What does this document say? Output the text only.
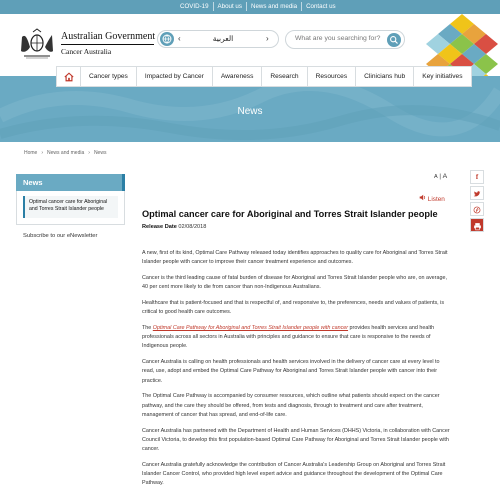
COVID-19	About us	News and media	Contact us
Australian Government
Cancer Australia
‹	العربية	›	What are you searching for?
News
Cancer types	Impacted by Cancer	Awareness	Research	Resources	Clinicians hub	Key initiatives
Home › News and media › News
News
Optimal cancer care for Aboriginal and Torres Strait Islander people
Subscribe to our eNewsletter
A | A
Listen
Optimal cancer care for Aboriginal and Torres Strait Islander people
Release Date 02/08/2018

A new, first of its kind, Optimal Care Pathway released today identifies approaches to quality care for Aboriginal and Torres Strait Islander people with cancer to improve their cancer treatment experience and outcomes.

Cancer is the third leading cause of fatal burden of disease for Aboriginal and Torres Strait Islander people who are, on average, 40 per cent more likely to die from cancer than non-Indigenous Australians.

Healthcare that is patient-focused and that is respectful of, and responsive to, the preferences, needs and values of patients, is critical to good health care outcomes.

The Optimal Care Pathway for Aboriginal and Torres Strait Islander people with cancer provides health services and health professionals across all sectors in Australia with principles and guidance to ensure that care is responsive to the needs of Indigenous people.

Cancer Australia is calling on health professionals and health services involved in the delivery of cancer care at every level to read, use, adopt and embed the Optimal Care Pathway for Aboriginal and Torres Strait Islander people with cancer into their practice.

The Optimal Care Pathway is accompanied by consumer resources, which outline what patients should expect on the cancer pathway, and the care they should be offered, from tests and diagnosis, through to treatment and care after treatment, management of cancer that has spread, and end-of-life care.

Cancer Australia has partnered with the Department of Health and Human Services (DHHS) Victoria, in collaboration with Cancer Council Victoria, to develop this first population-based Optimal Care Pathway for Aboriginal and Torres Strait Islander people with cancer.

Cancer Australia gratefully acknowledge the contribution of Cancer Australia's Leadership Group on Aboriginal and Torres Strait Islander Cancer Control, who provided high level expert advice and guidance throughout the development of the Optimal Care Pathway.

f
